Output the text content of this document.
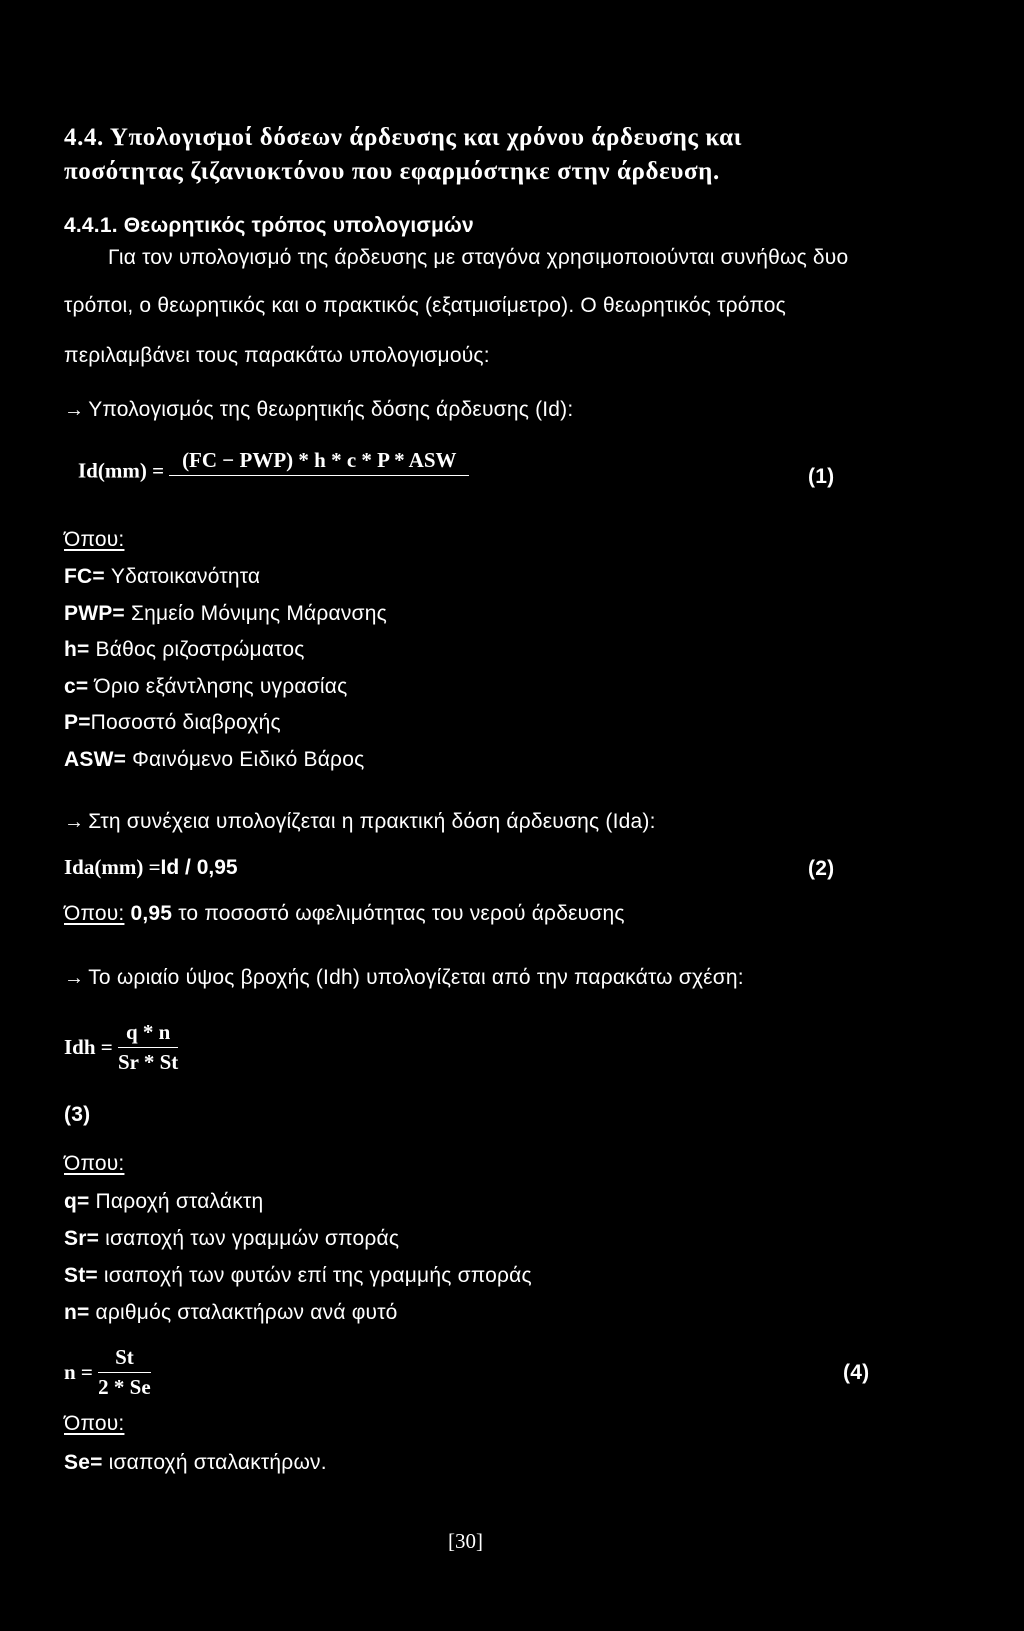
4.4. Υπολογισμοί δόσεων άρδευσης και χρόνου άρδευσης και
ποσότητας ζιζανιοκτόνου που εφαρμόστηκε στην άρδευση.
4.4.1. Θεωρητικός τρόπος υπολογισμών
Για τον υπολογισμό της άρδευσης με σταγόνα χρησιμοποιούνται συνήθως δυο
τρόποι, ο θεωρητικός και ο πρακτικός (εξατμισίμετρο). Ο θεωρητικός τρόπος
περιλαμβάνει τους παρακάτω υπολογισμούς:
→ Υπολογισμός της θεωρητικής δόσης άρδευσης (Id):
Id(mm) = (FC − PWP) * h * c * P * ASW
(1)
Όπου:
FC= Υδατοικανότητα
PWP= Σημείο Μόνιμης Μάρανσης
h= Βάθος ριζοστρώματος
c= Όριο εξάντλησης υγρασίας
P=Ποσοστό διαβροχής
ASW= Φαινόμενο Ειδικό Βάρος
→ Στη συνέχεια υπολογίζεται η πρακτική δόση άρδευσης (Ida):
Ida(mm) =Id / 0,95	(2)
Όπου: 0,95 το ποσοστό ωφελιμότητας του νερού άρδευσης
→ Το ωριαίο ύψος βροχής (Idh) υπολογίζεται από την παρακάτω σχέση:
Idh = $\frac{q * n}{Sr * St}$
(3)
Όπου:
q= Παροχή σταλάκτη
Sr= ισαποχή των γραμμών σποράς
St= ισαποχή των φυτών επί της γραμμής σποράς
n= αριθμός σταλακτήρων ανά φυτό
$n = \frac{St}{2 * Se}$	(4)
Όπου:
Se= ισαποχή σταλακτήρων.
[30]
